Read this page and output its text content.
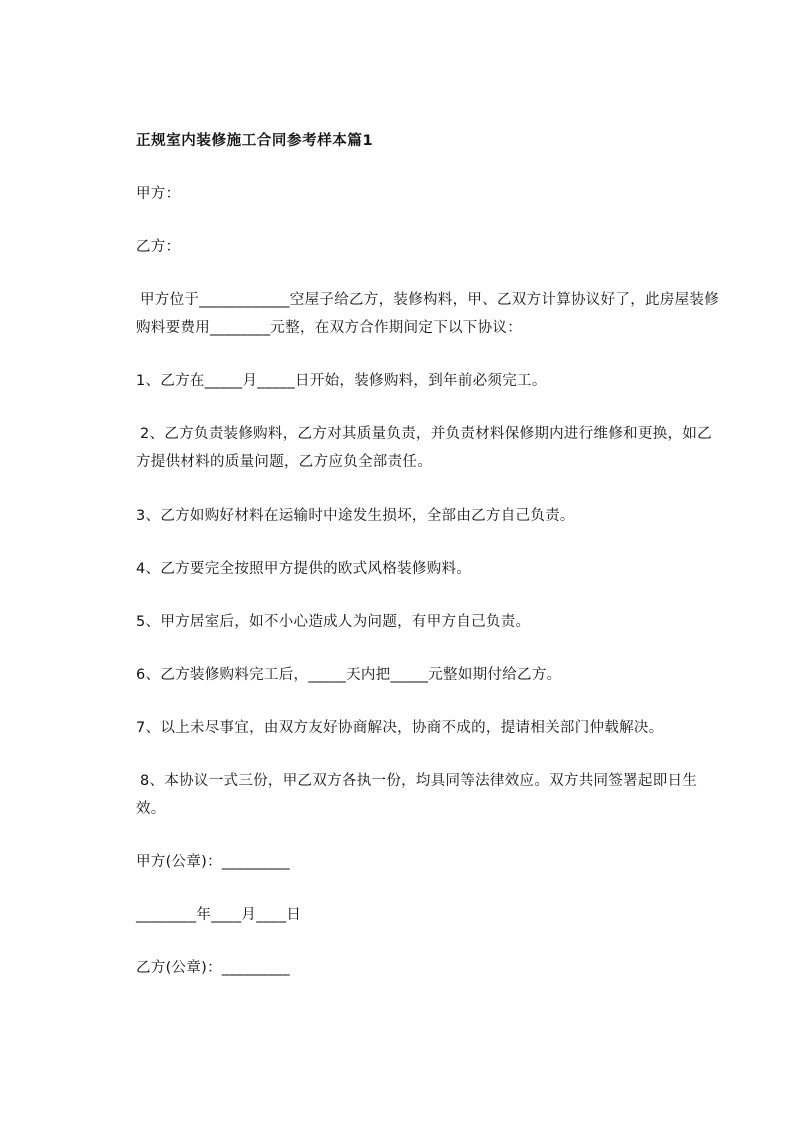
正规室内装修施工合同参考样本篇1
甲方：
乙方：
甲方位于____________空屋子给乙方，装修构料，甲、乙双方计算协议好了，此房屋装修购料要费用________元整，在双方合作期间定下以下协议：
1、乙方在_____月_____日开始，装修购料，到年前必须完工。
2、乙方负责装修购料，乙方对其质量负责，并负责材料保修期内进行维修和更换，如乙方提供材料的质量问题，乙方应负全部责任。
3、乙方如购好材料在运输时中途发生损坏，全部由乙方自己负责。
4、乙方要完全按照甲方提供的欧式风格装修购料。
5、甲方居室后，如不小心造成人为问题，有甲方自己负责。
6、乙方装修购料完工后，_____天内把_____元整如期付给乙方。
7、以上未尽事宜，由双方友好协商解决，协商不成的，提请相关部门仲载解决。
8、本协议一式三份，甲乙双方各执一份，均具同等法律效应。双方共同签署起即日生效。
甲方(公章)：_________
________年____月____日
乙方(公章)：_________
